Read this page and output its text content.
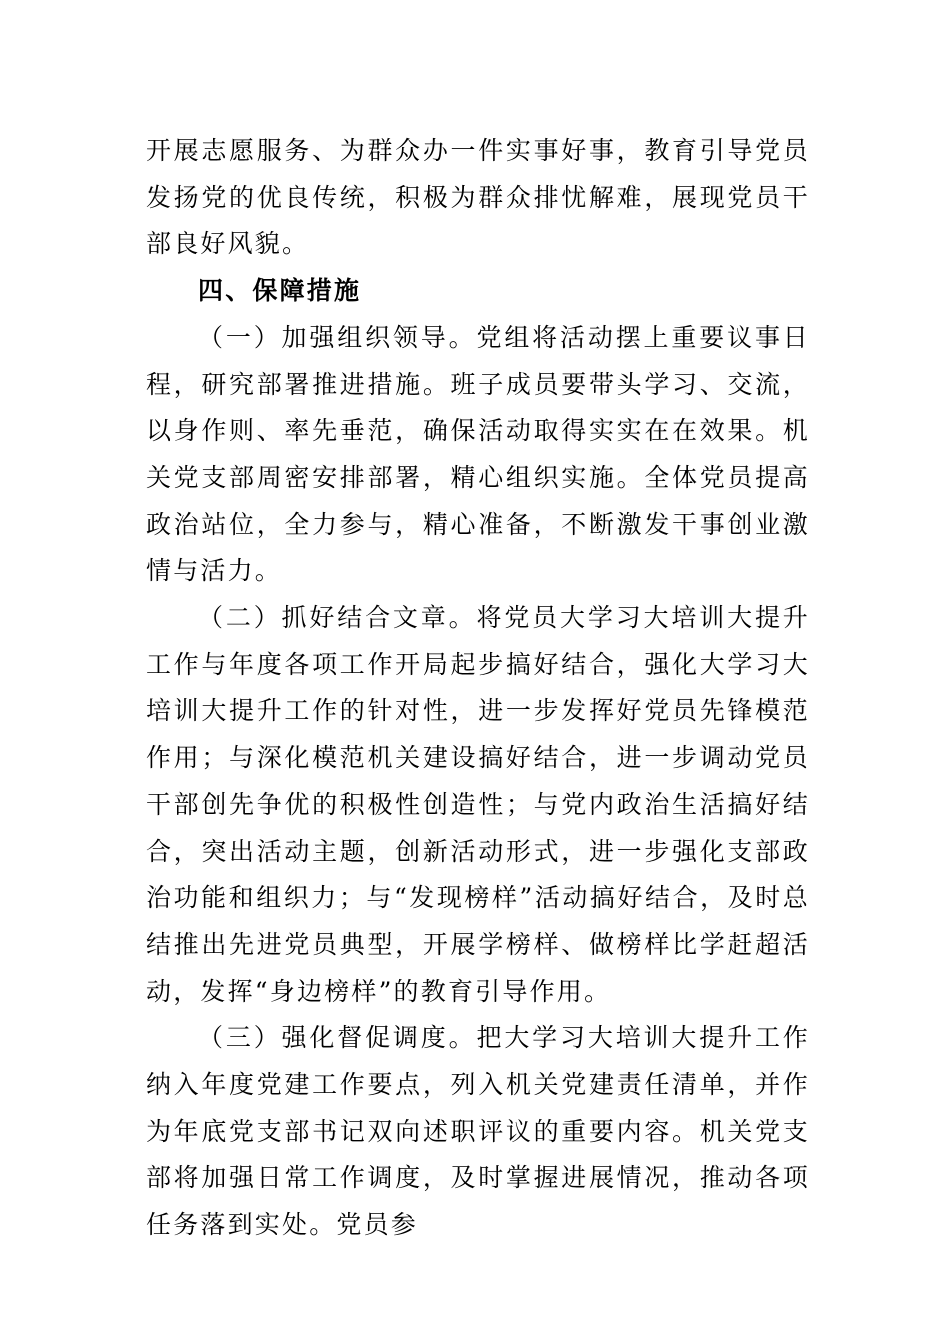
开展志愿服务、为群众办一件实事好事，教育引导党员发扬党的优良传统，积极为群众排忧解难，展现党员干部良好风貌。

四、保障措施

（一）加强组织领导。党组将活动摆上重要议事日程，研究部署推进措施。班子成员要带头学习、交流，以身作则、率先垂范，确保活动取得实实在在效果。机关党支部周密安排部署，精心组织实施。全体党员提高政治站位，全力参与，精心准备，不断激发干事创业激情与活力。

（二）抓好结合文章。将党员大学习大培训大提升工作与年度各项工作开局起步搞好结合，强化大学习大培训大提升工作的针对性，进一步发挥好党员先锋模范作用；与深化模范机关建设搞好结合，进一步调动党员干部创先争优的积极性创造性；与党内政治生活搞好结合，突出活动主题，创新活动形式，进一步强化支部政治功能和组织力；与“发现榜样”活动搞好结合，及时总结推出先进党员典型，开展学榜样、做榜样比学赶超活动，发挥“身边榜样”的教育引导作用。

（三）强化督促调度。把大学习大培训大提升工作纳入年度党建工作要点，列入机关党建责任清单，并作为年底党支部书记双向述职评议的重要内容。机关党支部将加强日常工作调度，及时掌握进展情况，推动各项任务落到实处。党员参
